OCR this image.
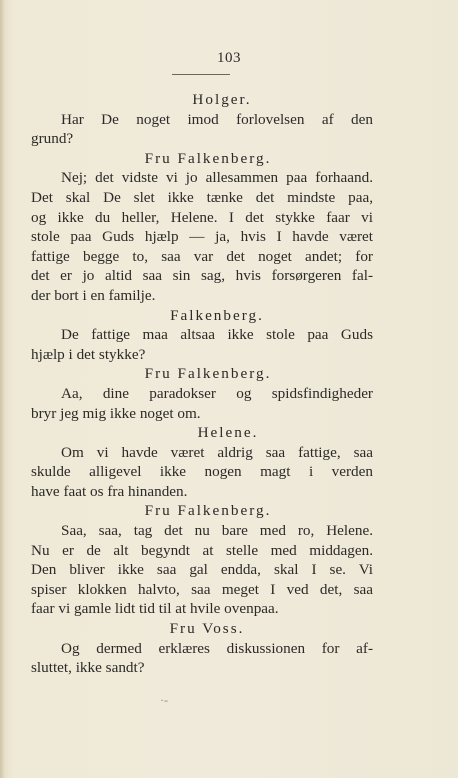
103
Holger.
Har De noget imod forlovelsen af den
grund?
Fru Falkenberg.
Nej; det vidste vi jo allesammen paa forhaand.
Det skal De slet ikke tænke det mindste paa,
og ikke du heller, Helene. I det stykke faar vi
stole paa Guds hjælp — ja, hvis I havde været
fattige begge to, saa var det noget andet; for
det er jo altid saa sin sag, hvis forsørgeren fal-
der bort i en familje.
Falkenberg.
De fattige maa altsaa ikke stole paa Guds
hjælp i det stykke?
Fru Falkenberg.
Aa, dine paradokser og spidsfindigheder
bryr jeg mig ikke noget om.
Helene.
Om vi havde været aldrig saa fattige, saa
skulde alligevel ikke nogen magt i verden
have faat os fra hinanden.
Fru Falkenberg.
Saa, saa, tag det nu bare med ro, Helene.
Nu er de alt begyndt at stelle med middagen.
Den bliver ikke saa gal endda, skal I se. Vi
spiser klokken halvto, saa meget I ved det, saa
faar vi gamle lidt tid til at hvile ovenpaa.
Fru Voss.
Og dermed erklæres diskussionen for af-
sluttet, ikke sandt?
·-
